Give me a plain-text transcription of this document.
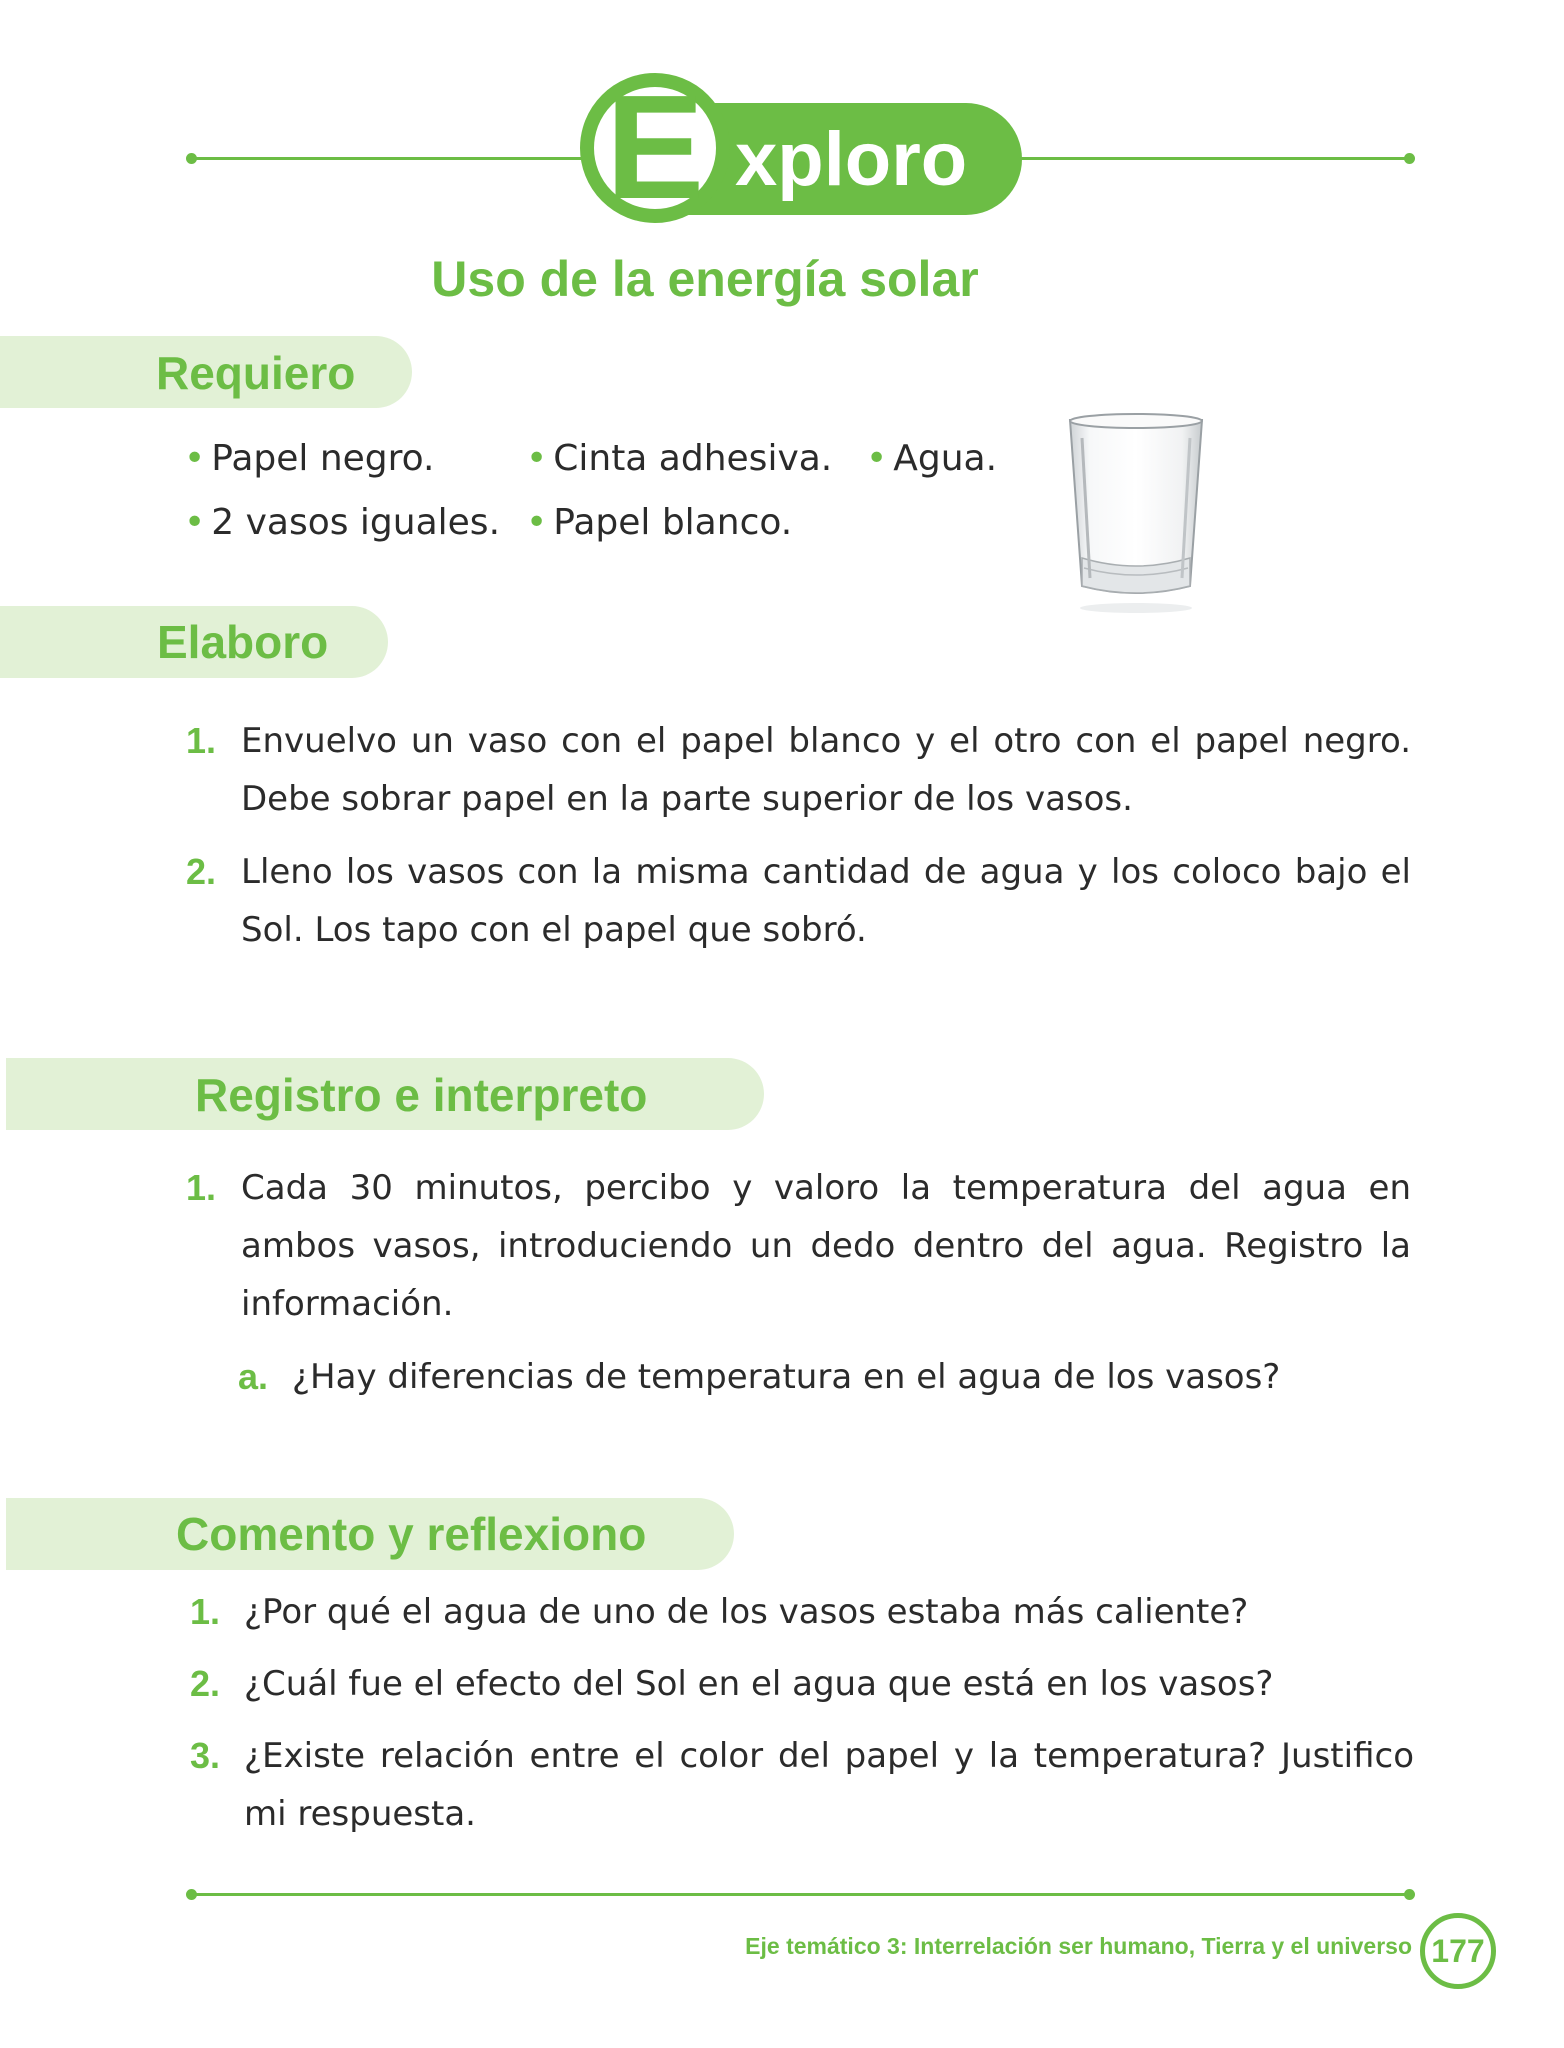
E xploro
Uso de la energía solar
Requiero
• Papel negro.	• Cinta adhesiva. • Agua.
• 2 vasos iguales. • Papel blanco.
Elaboro
1. Envuelvo un vaso con el papel blanco y el otro con el papel negro. Debe sobrar papel en la parte superior de los vasos.
2. Lleno los vasos con la misma cantidad de agua y los coloco bajo el Sol. Los tapo con el papel que sobró.
Registro e interpreto
1. Cada 30 minutos, percibo y valoro la temperatura del agua en ambos vasos, introduciendo un dedo dentro del agua. Registro la información.
a. ¿Hay diferencias de temperatura en el agua de los vasos?
Comento y reflexiono
1. ¿Por qué el agua de uno de los vasos estaba más caliente?
2. ¿Cuál fue el efecto del Sol en el agua que está en los vasos?
3. ¿Existe relación entre el color del papel y la temperatura? Justifico mi respuesta.
Eje temático 3: Interrelación ser humano, Tierra y el universo 177
